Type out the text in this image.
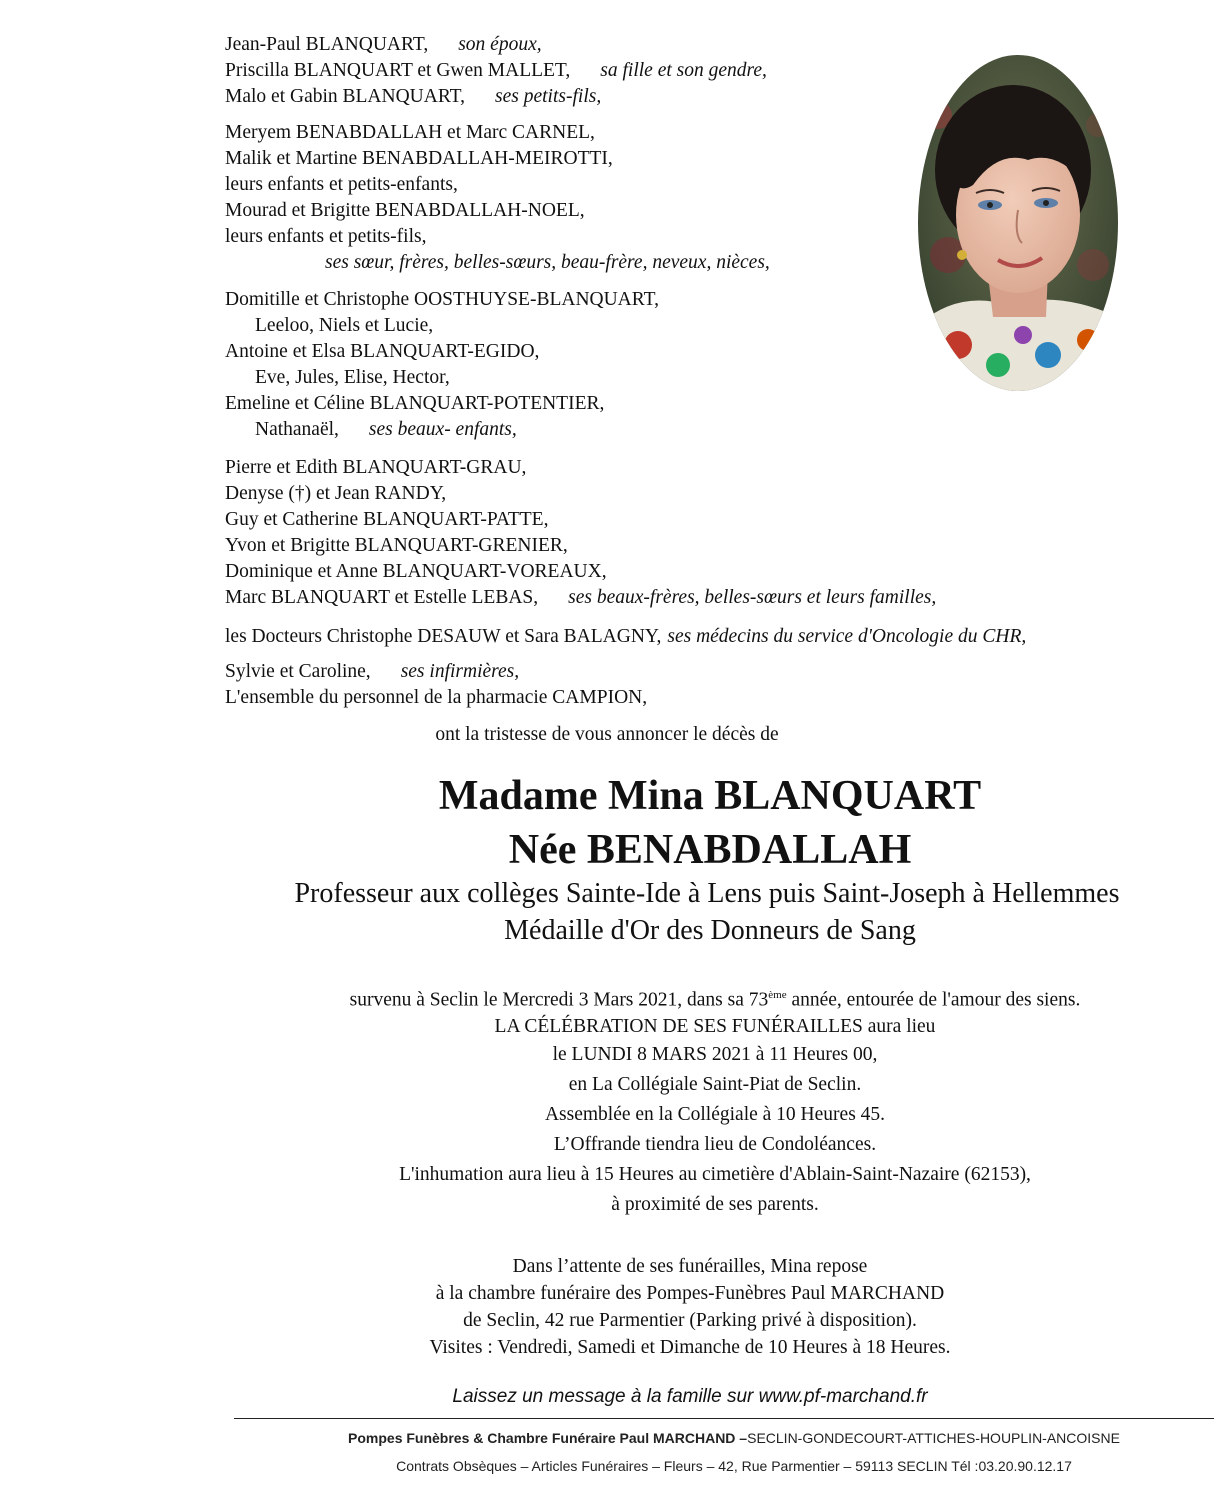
Jean-Paul BLANQUART, son époux,
Priscilla BLANQUART et Gwen MALLET, sa fille et son gendre,
Malo et Gabin BLANQUART, ses petits-fils,
Meryem BENABDALLAH et Marc CARNEL,
Malik et Martine BENABDALLAH-MEIROTTI,
leurs enfants et petits-enfants,
Mourad et Brigitte BENABDALLAH-NOEL,
leurs enfants et petits-fils,
ses sœur, frères, belles-sœurs, beau-frère, neveux, nièces,
Domitille et Christophe OOSTHUYSE-BLANQUART,
Leeloo, Niels et Lucie,
Antoine et Elsa BLANQUART-EGIDO,
Eve, Jules, Elise, Hector,
Emeline et Céline BLANQUART-POTENTIER,
Nathanaël, ses beaux- enfants,
Pierre et Edith BLANQUART-GRAU,
Denyse (†) et Jean RANDY,
Guy et Catherine BLANQUART-PATTE,
Yvon et Brigitte BLANQUART-GRENIER,
Dominique et Anne BLANQUART-VOREAUX,
Marc BLANQUART et Estelle LEBAS, ses beaux-frères, belles-sœurs et leurs familles,
les Docteurs Christophe DESAUW et Sara BALAGNY, ses médecins du service d'Oncologie du CHR,
Sylvie et Caroline, ses infirmières,
L'ensemble du personnel de la pharmacie CAMPION,
ont la tristesse de vous annoncer le décès de
Madame Mina BLANQUART
Née BENABDALLAH
Professeur aux collèges Sainte-Ide à Lens puis Saint-Joseph à Hellemmes
Médaille d'Or des Donneurs de Sang
survenu à Seclin le Mercredi 3 Mars 2021, dans sa 73ème année, entourée de l'amour des siens.
LA CÉLÉBRATION DE SES FUNÉRAILLES aura lieu
le LUNDI 8 MARS 2021 à 11 Heures 00,
en La Collégiale Saint-Piat de Seclin.
Assemblée en la Collégiale à 10 Heures 45.
L’Offrande tiendra lieu de Condoléances.
L'inhumation aura lieu à 15 Heures au cimetière d'Ablain-Saint-Nazaire (62153),
à proximité de ses parents.
Dans l’attente de ses funérailles, Mina repose
à la chambre funéraire des Pompes-Funèbres Paul MARCHAND
de Seclin, 42 rue Parmentier (Parking privé à disposition).
Visites : Vendredi, Samedi et Dimanche de 10 Heures à 18 Heures.
Laissez un message à la famille sur www.pf-marchand.fr
Pompes Funèbres & Chambre Funéraire Paul MARCHAND –SECLIN-GONDECOURT-ATTICHES-HOUPLIN-ANCOISNE
Contrats Obsèques – Articles Funéraires – Fleurs – 42, Rue Parmentier – 59113 SECLIN Tél :03.20.90.12.17
